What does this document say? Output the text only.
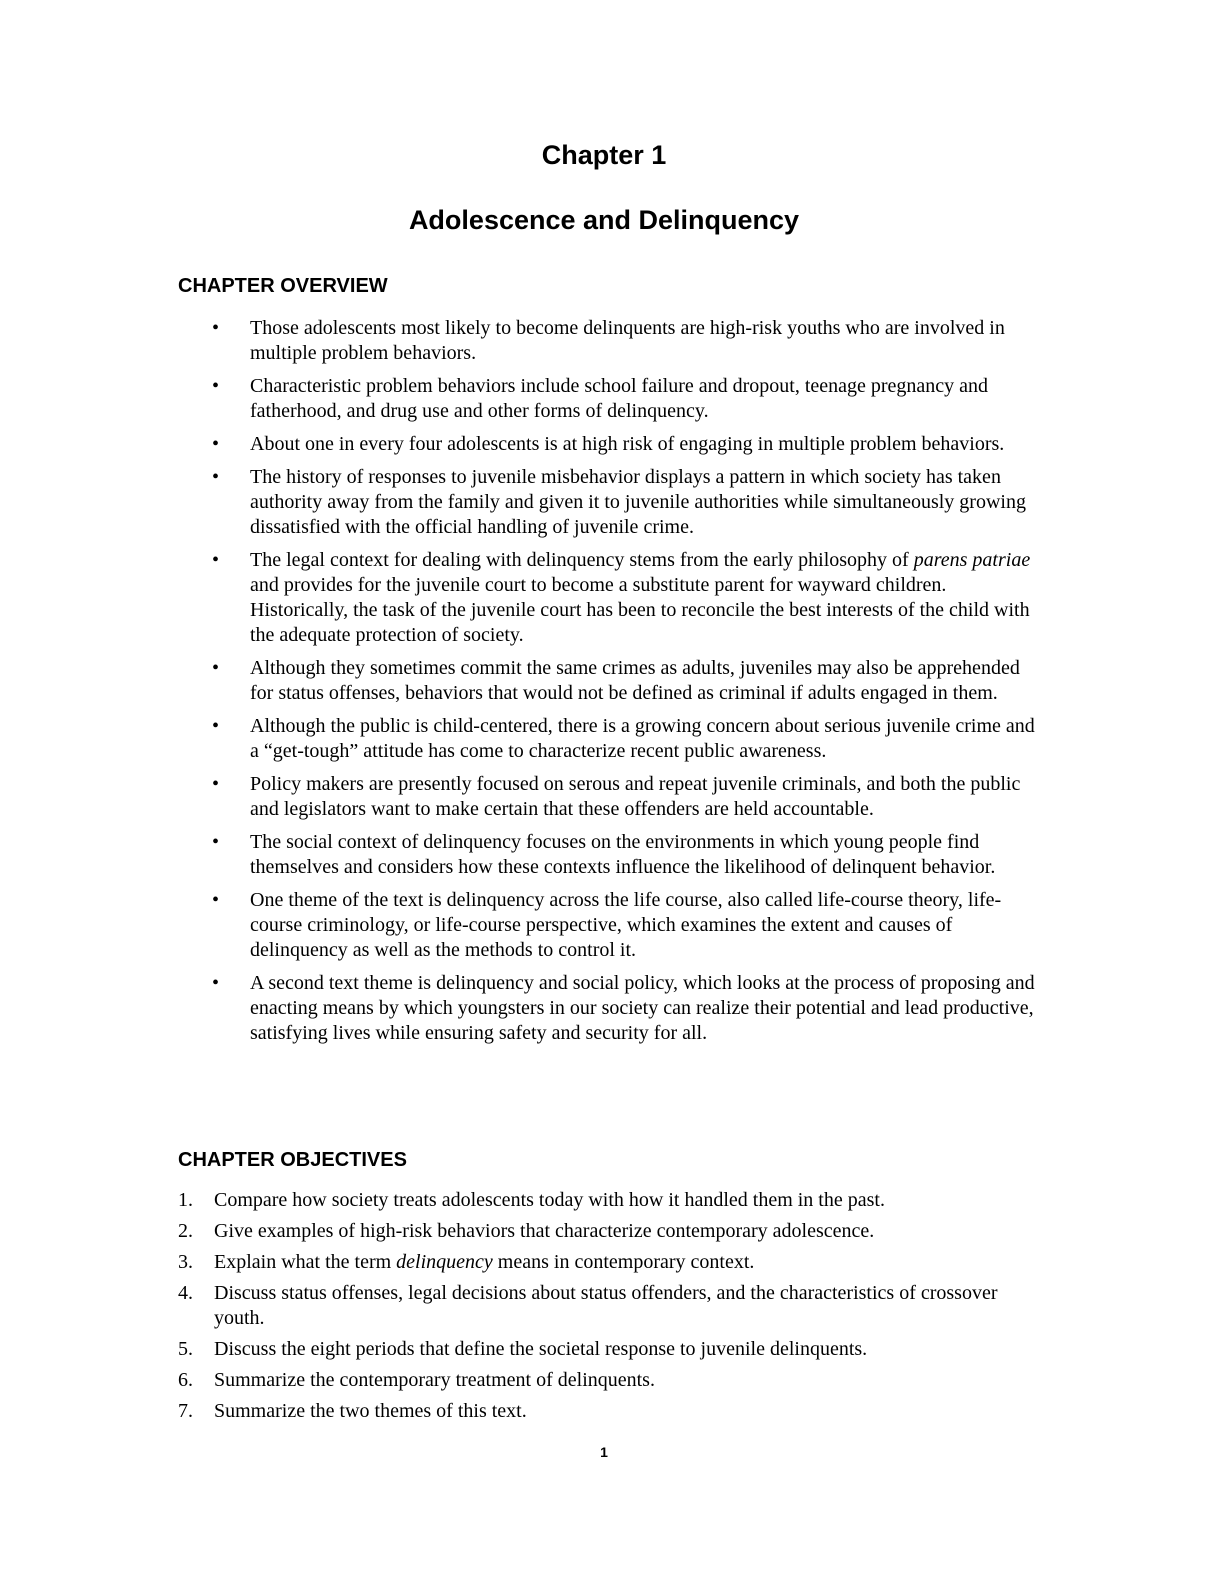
Chapter 1
Adolescence and Delinquency
CHAPTER OVERVIEW
• Those adolescents most likely to become delinquents are high-risk youths who are involved in multiple problem behaviors.
• Characteristic problem behaviors include school failure and dropout, teenage pregnancy and fatherhood, and drug use and other forms of delinquency.
• About one in every four adolescents is at high risk of engaging in multiple problem behaviors.
• The history of responses to juvenile misbehavior displays a pattern in which society has taken authority away from the family and given it to juvenile authorities while simultaneously growing dissatisfied with the official handling of juvenile crime.
• The legal context for dealing with delinquency stems from the early philosophy of parens patriae and provides for the juvenile court to become a substitute parent for wayward children. Historically, the task of the juvenile court has been to reconcile the best interests of the child with the adequate protection of society.
• Although they sometimes commit the same crimes as adults, juveniles may also be apprehended for status offenses, behaviors that would not be defined as criminal if adults engaged in them.
• Although the public is child-centered, there is a growing concern about serious juvenile crime and a “get-tough” attitude has come to characterize recent public awareness.
• Policy makers are presently focused on serous and repeat juvenile criminals, and both the public and legislators want to make certain that these offenders are held accountable.
• The social context of delinquency focuses on the environments in which young people find themselves and considers how these contexts influence the likelihood of delinquent behavior.
• One theme of the text is delinquency across the life course, also called life-course theory, life-course criminology, or life-course perspective, which examines the extent and causes of delinquency as well as the methods to control it.
• A second text theme is delinquency and social policy, which looks at the process of proposing and enacting means by which youngsters in our society can realize their potential and lead productive, satisfying lives while ensuring safety and security for all.
CHAPTER OBJECTIVES
1. Compare how society treats adolescents today with how it handled them in the past.
2. Give examples of high-risk behaviors that characterize contemporary adolescence.
3. Explain what the term delinquency means in contemporary context.
4. Discuss status offenses, legal decisions about status offenders, and the characteristics of crossover youth.
5. Discuss the eight periods that define the societal response to juvenile delinquents.
6. Summarize the contemporary treatment of delinquents.
7. Summarize the two themes of this text.
1
